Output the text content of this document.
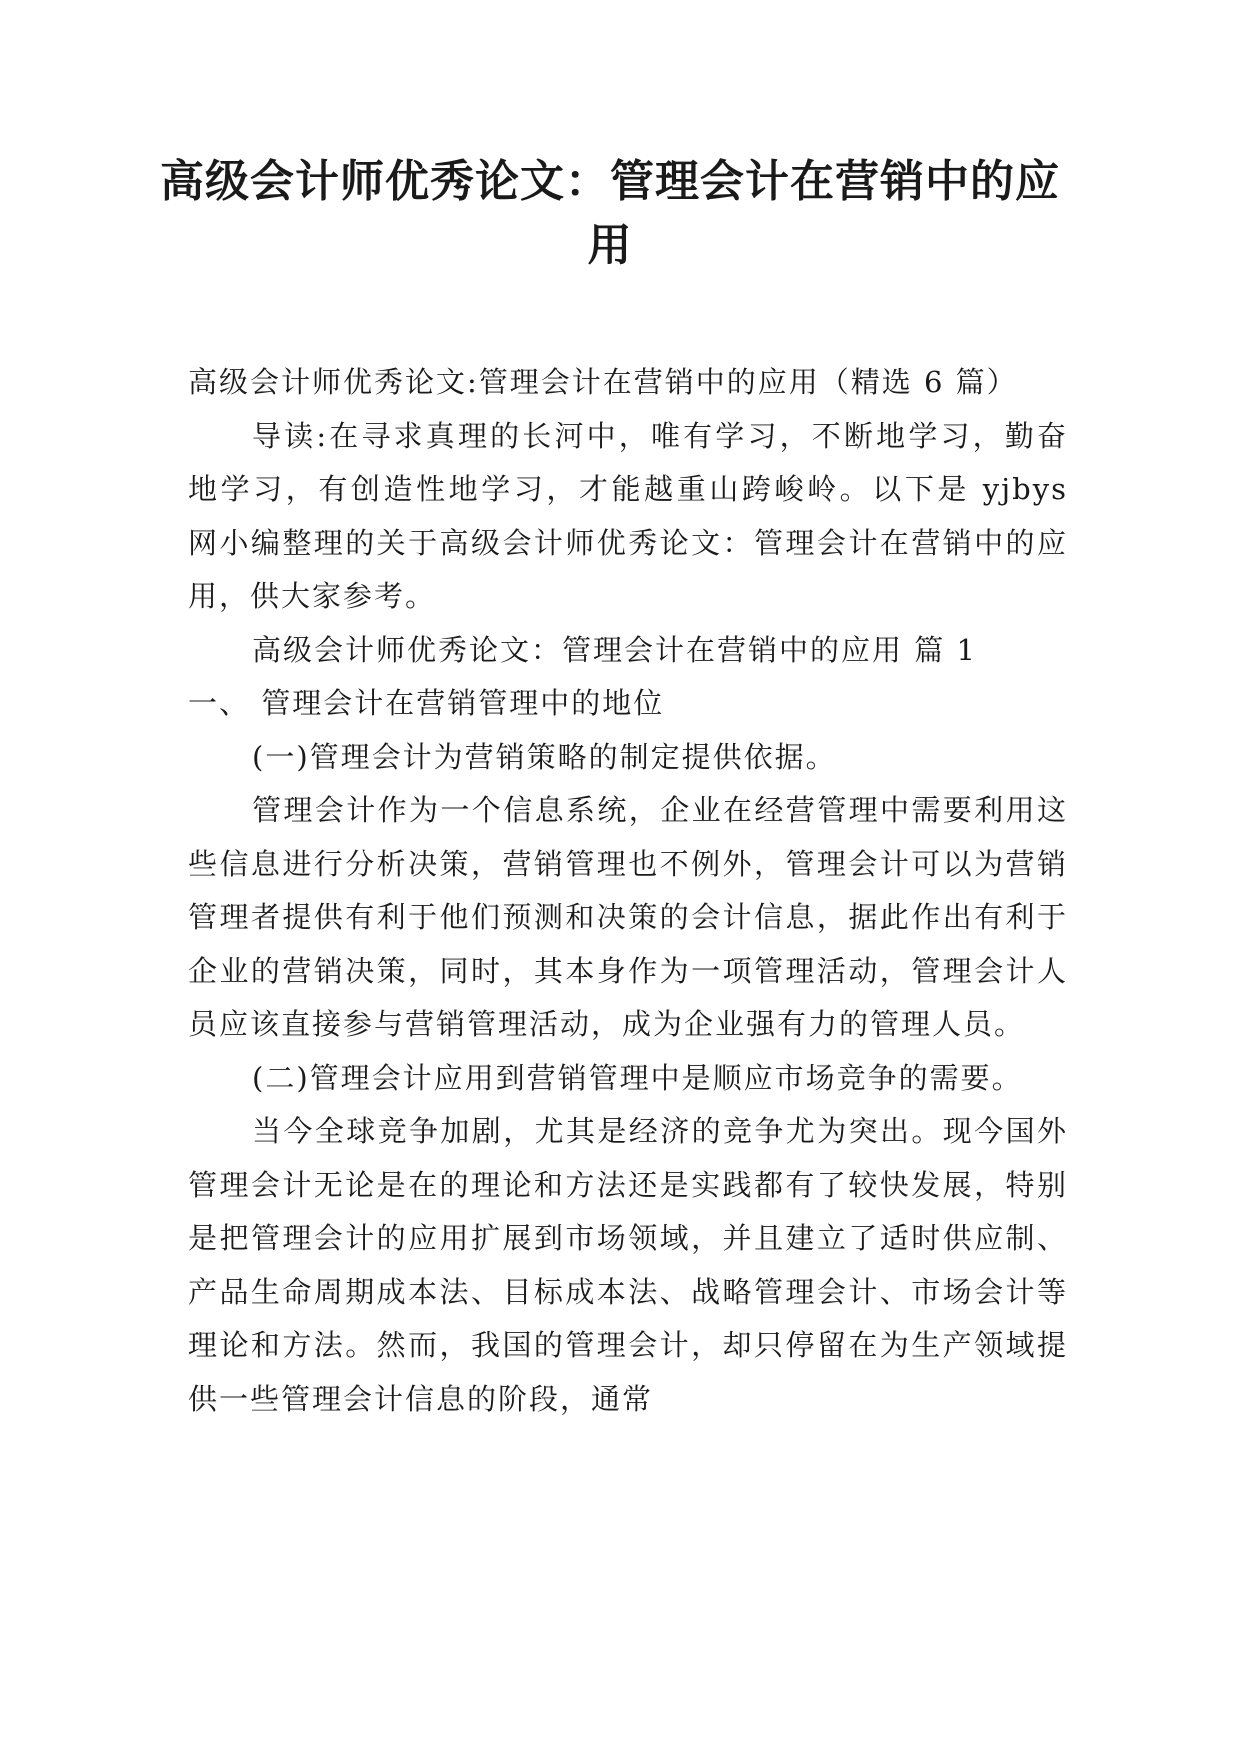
高级会计师优秀论文：管理会计在营销中的应用

高级会计师优秀论文:管理会计在营销中的应用（精选 6 篇）

导读:在寻求真理的长河中，唯有学习，不断地学习，勤奋地学习，有创造性地学习，才能越重山跨峻岭。以下是 yjbys 网小编整理的关于高级会计师优秀论文：管理会计在营销中的应用，供大家参考。

高级会计师优秀论文：管理会计在营销中的应用 篇 1

一、 管理会计在营销管理中的地位

(一)管理会计为营销策略的制定提供依据。

管理会计作为一个信息系统，企业在经营管理中需要利用这些信息进行分析决策，营销管理也不例外，管理会计可以为营销管理者提供有利于他们预测和决策的会计信息，据此作出有利于企业的营销决策，同时，其本身作为一项管理活动，管理会计人员应该直接参与营销管理活动，成为企业强有力的管理人员。

(二)管理会计应用到营销管理中是顺应市场竞争的需要。

当今全球竞争加剧，尤其是经济的竞争尤为突出。现今国外管理会计无论是在的理论和方法还是实践都有了较快发展，特别是把管理会计的应用扩展到市场领域，并且建立了适时供应制、产品生命周期成本法、目标成本法、战略管理会计、市场会计等理论和方法。然而，我国的管理会计，却只停留在为生产领域提供一些管理会计信息的阶段，通常
